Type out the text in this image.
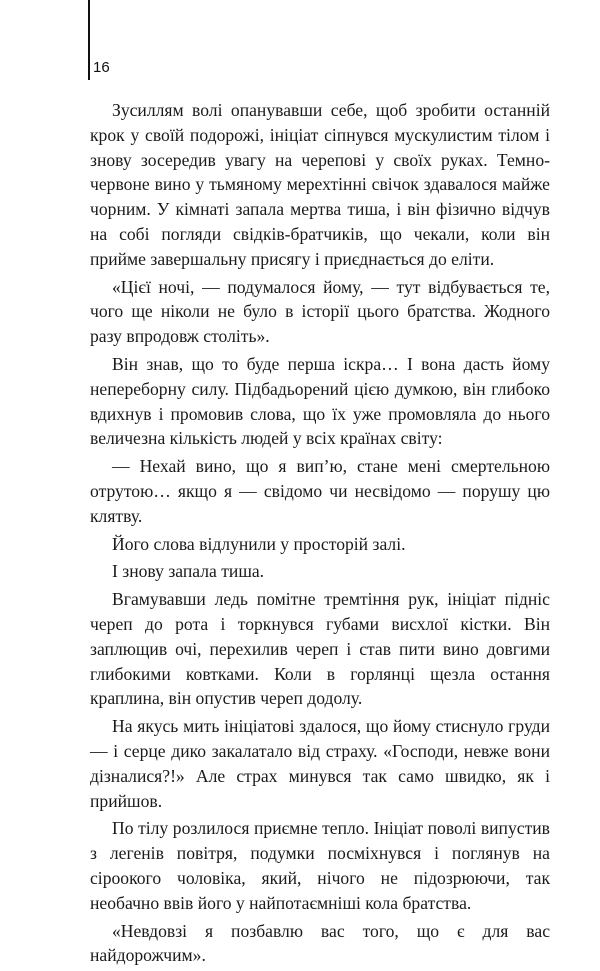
16

Зусиллям волі опанувавши себе, щоб зробити останній крок у своїй подорожі, ініціат сіпнувся мускулистим тілом і знову зосередив увагу на черепові у своїх руках. Темно-червоне вино у тьмяному мерехтінні свічок здавалося майже чорним. У кімнаті запала мертва тиша, і він фізично відчув на собі погляди свідків-братчиків, що чекали, коли він прийме завершальну присягу і приєднається до еліти.

«Цієї ночі, — подумалося йому, — тут відбувається те, чого ще ніколи не було в історії цього братства. Жодного разу впродовж століть».

Він знав, що то буде перша іскра… І вона дасть йому непереборну силу. Підбадьорений цією думкою, він глибоко вдихнув і промовив слова, що їх уже промовляла до нього величезна кількість людей у всіх країнах світу:

— Нехай вино, що я вип’ю, стане мені смертельною отрутою… якщо я — свідомо чи несвідомо — порушу цю клятву.

Його слова відлунили у просторій залі.

І знову запала тиша.

Вгамувавши ледь помітне тремтіння рук, ініціат підніс череп до рота і торкнувся губами висхлої кістки. Він заплющив очі, перехилив череп і став пити вино довгими глибокими ковтками. Коли в горлянці щезла остання краплина, він опустив череп додолу.

На якусь мить ініціатові здалося, що йому стиснуло груди — і серце дико закалатало від страху. «Господи, невже вони дізналися?!» Але страх минувся так само швидко, як і прийшов.

По тілу розлилося приємне тепло. Ініціат поволі випустив з легенів повітря, подумки посміхнувся і поглянув на сіроокого чоловіка, який, нічого не підозрюючи, так необачно ввів його у найпотаємніші кола братства.

«Невдовзі я позбавлю вас того, що є для вас найдорожчим».
